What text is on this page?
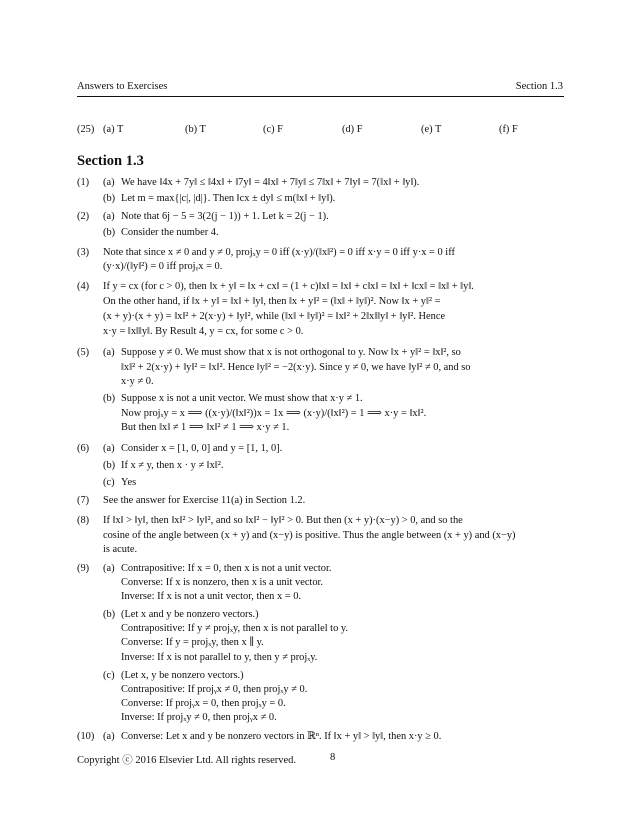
Answers to Exercises	Section 1.3
(25) (a) T	(b) T	(c) F	(d) F	(e) T	(f) F
Section 1.3
(1) (a) We have ‖4x + 7y‖ ≤ ‖4x‖ + ‖7y‖ = 4‖x‖ + 7‖y‖ ≤ 7‖x‖ + 7‖y‖ = 7(‖x‖ + ‖y‖).
(b) Let m = max{|c|, |d|}. Then ‖cx ± dy‖ ≤ m(‖x‖ + ‖y‖).
(2) (a) Note that 6j − 5 = 3(2(j − 1)) + 1. Let k = 2(j − 1).
(b) Consider the number 4.
(3) Note that since x ≠ 0 and y ≠ 0, projₓy = 0 iff (x·y)/(‖x‖²) = 0 iff x·y = 0 iff y·x = 0 iff
(y·x)/(‖y‖²) = 0 iff projᵧx = 0.
(4) If y = cx (for c > 0), then ‖x + y‖ = ‖x + cx‖ = (1 + c)‖x‖ = ‖x‖ + c‖x‖ = ‖x‖ + ‖cx‖ = ‖x‖ + ‖y‖.
On the other hand, if ‖x + y‖ = ‖x‖ + ‖y‖, then ‖x + y‖² = (‖x‖ + ‖y‖)². Now ‖x + y‖² =
(x + y)·(x + y) = ‖x‖² + 2(x·y) + ‖y‖², while (‖x‖ + ‖y‖)² = ‖x‖² + 2‖x‖‖y‖ + ‖y‖². Hence
x·y = ‖x‖‖y‖. By Result 4, y = cx, for some c > 0.
(5) (a) Suppose y ≠ 0. We must show that x is not orthogonal to y. Now ‖x + y‖² = ‖x‖², so
‖x‖² + 2(x·y) + ‖y‖² = ‖x‖². Hence ‖y‖² = −2(x·y). Since y ≠ 0, we have ‖y‖² ≠ 0, and so
x·y ≠ 0.
(b) Suppose x is not a unit vector. We must show that x·y ≠ 1.
Now projₓy = x ⟹ ((x·y)/(‖x‖²))x = 1x ⟹ (x·y)/(‖x‖²) = 1 ⟹ x·y = ‖x‖².
But then ‖x‖ ≠ 1 ⟹ ‖x‖² ≠ 1 ⟹ x·y ≠ 1.
(6) (a) Consider x = [1, 0, 0] and y = [1, 1, 0].
(b) If x ≠ y, then x · y ≠ ‖x‖².
(c) Yes
(7) See the answer for Exercise 11(a) in Section 1.2.
(8) If ‖x‖ > ‖y‖, then ‖x‖² > ‖y‖², and so ‖x‖² − ‖y‖² > 0. But then (x + y)·(x−y) > 0, and so the
cosine of the angle between (x + y) and (x−y) is positive. Thus the angle between (x + y) and (x−y)
is acute.
(9) (a) Contrapositive: If x = 0, then x is not a unit vector.
Converse: If x is nonzero, then x is a unit vector.
Inverse: If x is not a unit vector, then x = 0.
(b) (Let x and y be nonzero vectors.)
Contrapositive: If y ≠ projₓy, then x is not parallel to y.
Converse: If y = projₓy, then x ∥ y.
Inverse: If x is not parallel to y, then y ≠ projₓy.
(c) (Let x, y be nonzero vectors.)
Contrapositive: If projᵧx ≠ 0, then projₓy ≠ 0.
Converse: If projᵧx = 0, then projₓy = 0.
Inverse: If projₓy ≠ 0, then projᵧx ≠ 0.
(10) (a) Converse: Let x and y be nonzero vectors in ℝⁿ. If ‖x + y‖ > ‖y‖, then x·y ≥ 0.
Copyright ⓒ 2016 Elsevier Ltd. All rights reserved.	8
